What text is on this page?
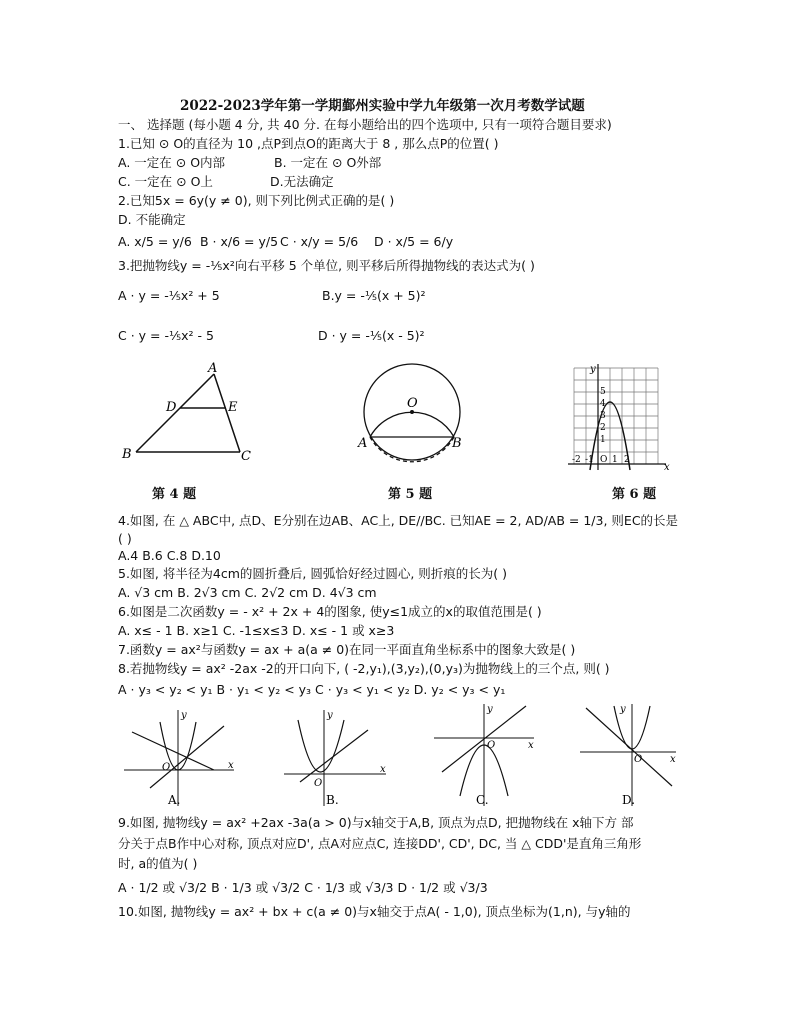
2022-2023学年第一学期鄞州实验中学九年级第一次月考数学试题
一、 选择题 (每小题 4 分, 共 40 分. 在每小题给出的四个选项中, 只有一项符合题目要求)
1.已知 ⊙ O的直径为 10 ,点P到点O的距离大于 8 , 那么点P的位置( )
A. 一定在 ⊙ O内部	B. 一定在 ⊙ O外部
C. 一定在 ⊙ O上	D.无法确定
2.已知5x = 6y(y ≠ 0), 则下列比例式正确的是( )
D. 不能确定
A. x/5 = y/6 B · x/6 = y/5 C · x/y = 5/6 D · x/5 = 6/y
3.把抛物线y = -⅕x²向右平移 5 个单位, 则平移后所得抛物线的表达式为( )
A · y = -⅕x² + 5	B.y = -⅕(x + 5)²
C · y = -⅕x² - 5	D · y = -⅕(x - 5)²
A
D	E
B	C
第 4 题
O
A	B
第 5 题
x
y
5
4
3
2
1
-2 -1 O 1 2
第 6 题
4.如图, 在 △ ABC中, 点D、E分别在边AB、AC上, DE//BC. 已知AE = 2, AD/AB = 1/3, 则EC的长是
( )
A.4 B.6 C.8 D.10
5.如图, 将半径为4cm的圆折叠后, 圆弧恰好经过圆心, 则折痕的长为( )
A. √3 cm B. 2√3 cm C. 2√2 cm D. 4√3 cm
6.如图是二次函数y = - x² + 2x + 4的图象, 使y≤1成立的x的取值范围是( )
A. x≤ - 1 B. x≥1 C. -1≤x≤3 D. x≤ - 1 或 x≥3
7.函数y = ax²与函数y = ax + a(a ≠ 0)在同一平面直角坐标系中的图象大致是( )
8.若抛物线y = ax² -2ax -2的开口向下, ( -2,y₁),(3,y₂),(0,y₃)为抛物线上的三个点, 则( )
A · y₃ < y₂ < y₁ B · y₁ < y₂ < y₃ C · y₃ < y₁ < y₂ D. y₂ < y₃ < y₁
x
y
O
A.
x
y
O
B.
x
y
O
C.
x
y
O
D.
9.如图, 抛物线y = ax² +2ax -3a(a > 0)与x轴交于A,B, 顶点为点D, 把抛物线在 x轴下方 部
分关于点B作中心对称, 顶点对应D', 点A对应点C, 连接DD', CD', DC, 当 △ CDD'是直角三角形
时, a的值为( )
A · 1/2 或 √3/2 B · 1/3 或 √3/2 C · 1/3 或 √3/3 D · 1/2 或 √3/3
10.如图, 抛物线y = ax² + bx + c(a ≠ 0)与x轴交于点A( - 1,0), 顶点坐标为(1,n), 与y轴的
